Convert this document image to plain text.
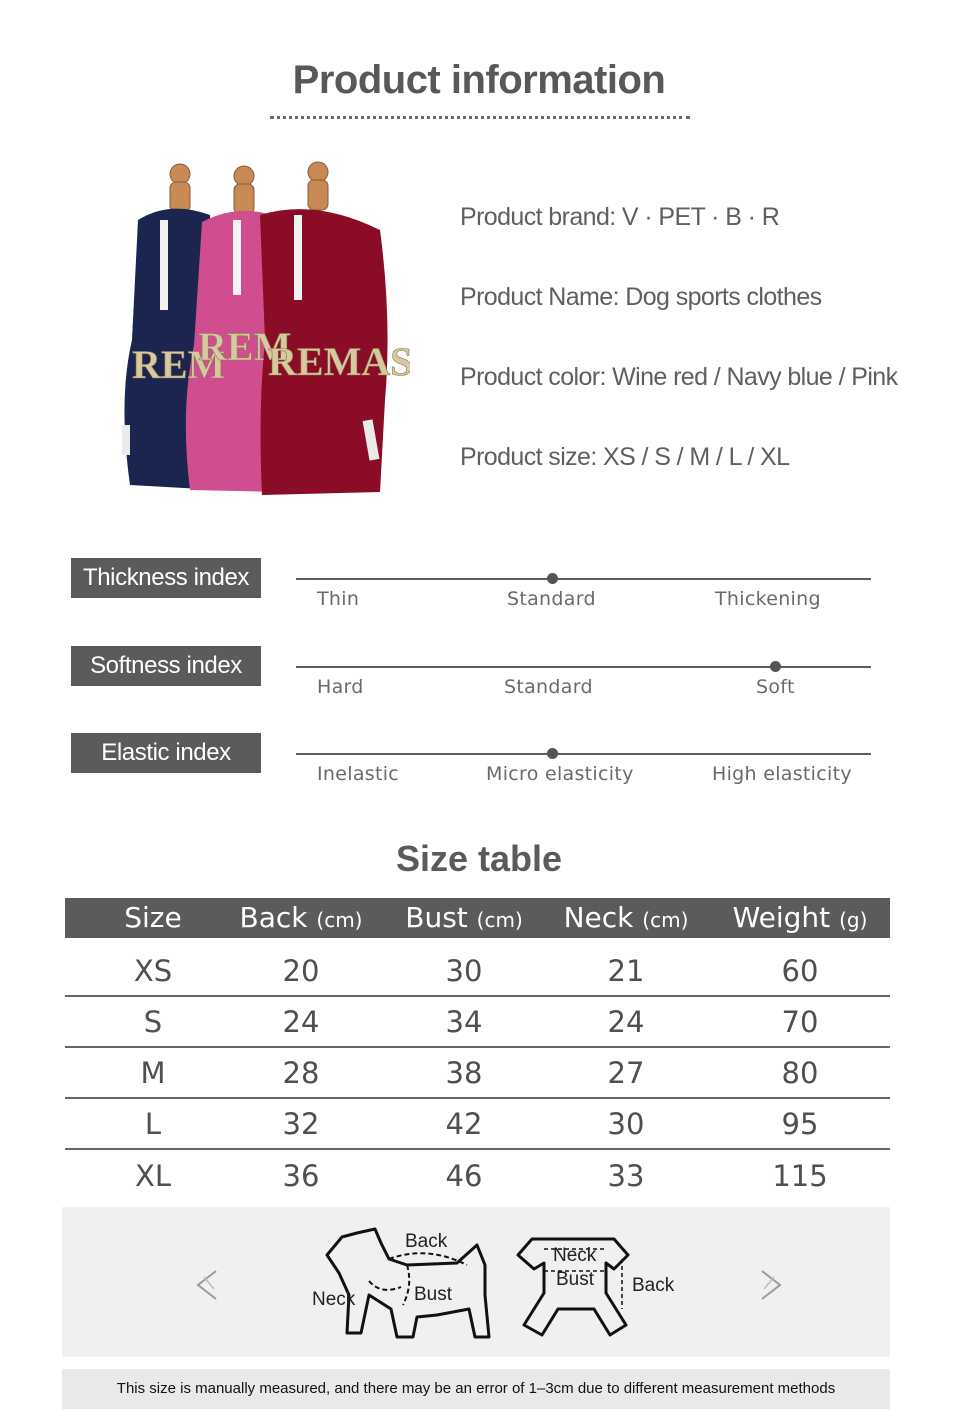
Product information
REM
REM
REMAS
Product brand: V · PET · B · R
Product Name: Dog sports clothes
Product color: Wine red / Navy blue / Pink
Product size: XS / S / M / L / XL
Thickness index
Thin	Standard	Thickening
Softness index
Hard	Standard	Soft
Elastic index
Inelastic	Micro elasticity	High elasticity
Size table
Size Back (cm) Bust (cm) Neck (cm) Weight (g)
XS	20	30	21	60
S	24	34	24	70
M	28	38	27	80
L	32	42	30	95
XL	36	46	33	115
Back
Neck	Bust
Neck
Bust Back
This size is manually measured, and there may be an error of 1–3cm due to different measurement methods
